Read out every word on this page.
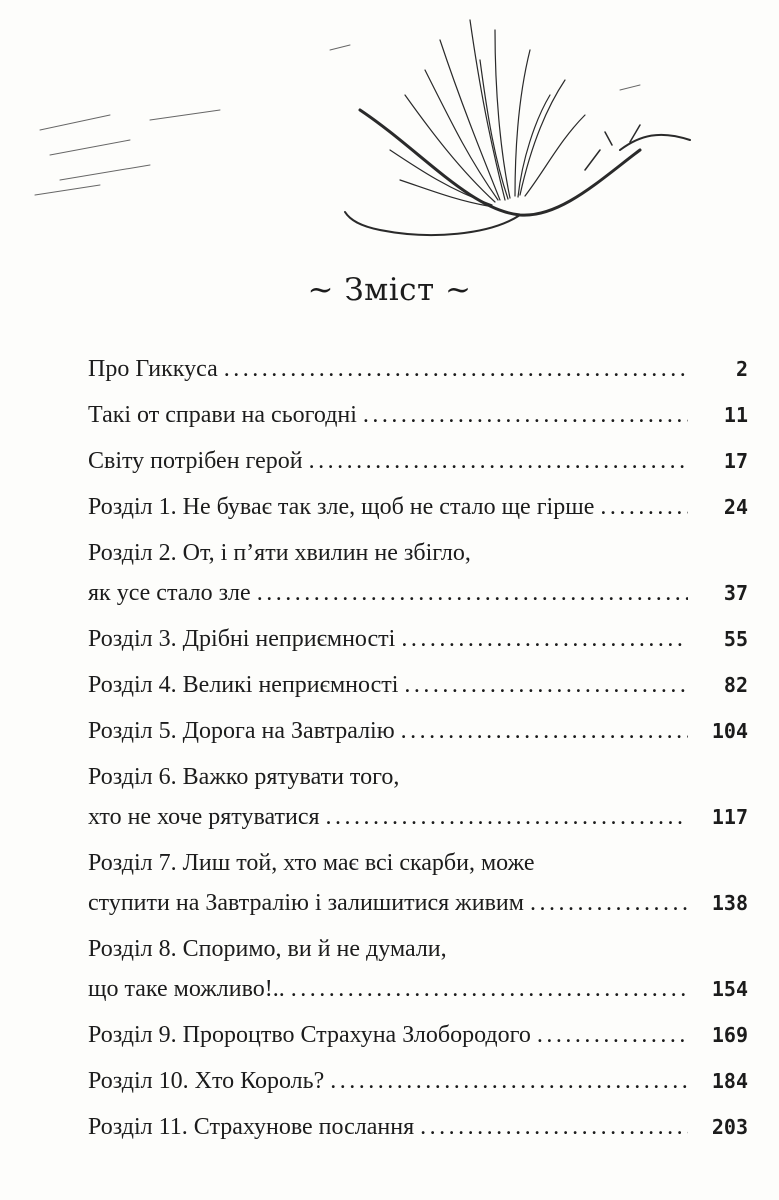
~ Зміст ~
Про Гиккуса .....	2
Такі от справи на сьогодні .....	11
Світу потрібен герой .....	17
Розділ 1. Не буває так зле, щоб не стало ще гірше .....	24
Розділ 2. От, і п’яти хвилин не збігло,
як усе стало зле .....	37
Розділ 3. Дрібні неприємності .....	55
Розділ 4. Великі неприємності .....	82
Розділ 5. Дорога на Завтралію .....	104
Розділ 6. Важко рятувати того,
хто не хоче рятуватися .....	117
Розділ 7. Лиш той, хто має всі скарби, може
ступити на Завтралію і залишитися живим .....	138
Розділ 8. Споримо, ви й не думали,
що таке можливо!.. .....	154
Розділ 9. Пророцтво Страхуна Злобородого .....	169
Розділ 10. Хто Король? .....	184
Розділ 11. Страхунове послання .....	203
